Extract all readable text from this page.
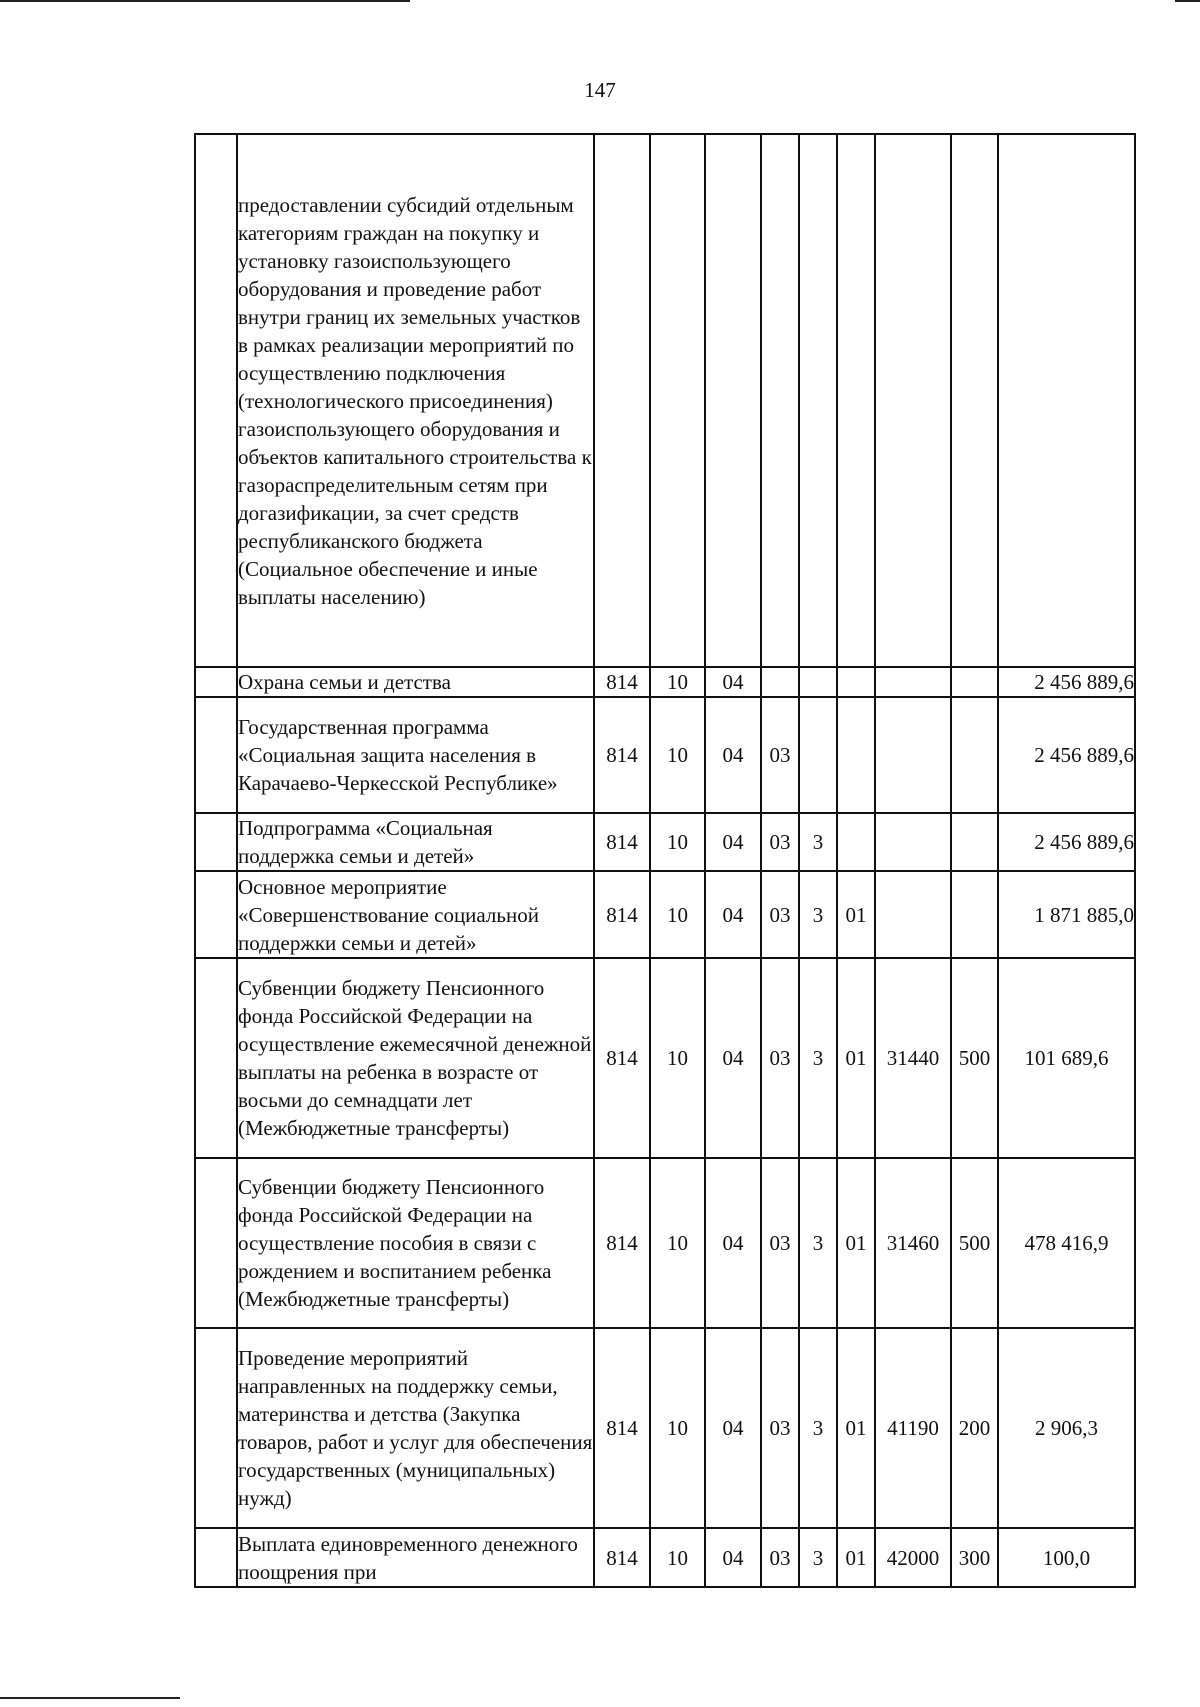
147
	предоставлении субсидий отдельным категориям граждан на покупку и установку газоиспользующего оборудования и проведение работ внутри границ их земельных участков в рамках реализации мероприятий по осуществлению подключения (технологического присоединения) газоиспользующего оборудования и объектов капитального строительства к газораспределительным сетям при догазификации, за счет средств республиканского бюджета (Социальное обеспечение и иные выплаты населению)									
	Охрана семьи и детства	814	10	04						2 456 889,6
	Государственная программа «Социальная защита населения в Карачаево-Черкесской Республике»	814	10	04	03					2 456 889,6
	Подпрограмма «Социальная поддержка семьи и детей»	814	10	04	03	3				2 456 889,6
	Основное мероприятие «Совершенствование социальной поддержки семьи и детей»	814	10	04	03	3	01			1 871 885,0
	Субвенции бюджету Пенсионного фонда Российской Федерации на осуществление ежемесячной денежной выплаты на ребенка в возрасте от восьми до семнадцати лет (Межбюджетные трансферты)	814	10	04	03	3	01	31440	500	101 689,6
	Субвенции бюджету Пенсионного фонда Российской Федерации на осуществление пособия в связи с рождением и воспитанием ребенка (Межбюджетные трансферты)	814	10	04	03	3	01	31460	500	478 416,9
	Проведение мероприятий направленных на поддержку семьи, материнства и детства (Закупка товаров, работ и услуг для обеспечения государственных (муниципальных) нужд)	814	10	04	03	3	01	41190	200	2 906,3
	Выплата единовременного денежного поощрения при	814	10	04	03	3	01	42000	300	100,0
